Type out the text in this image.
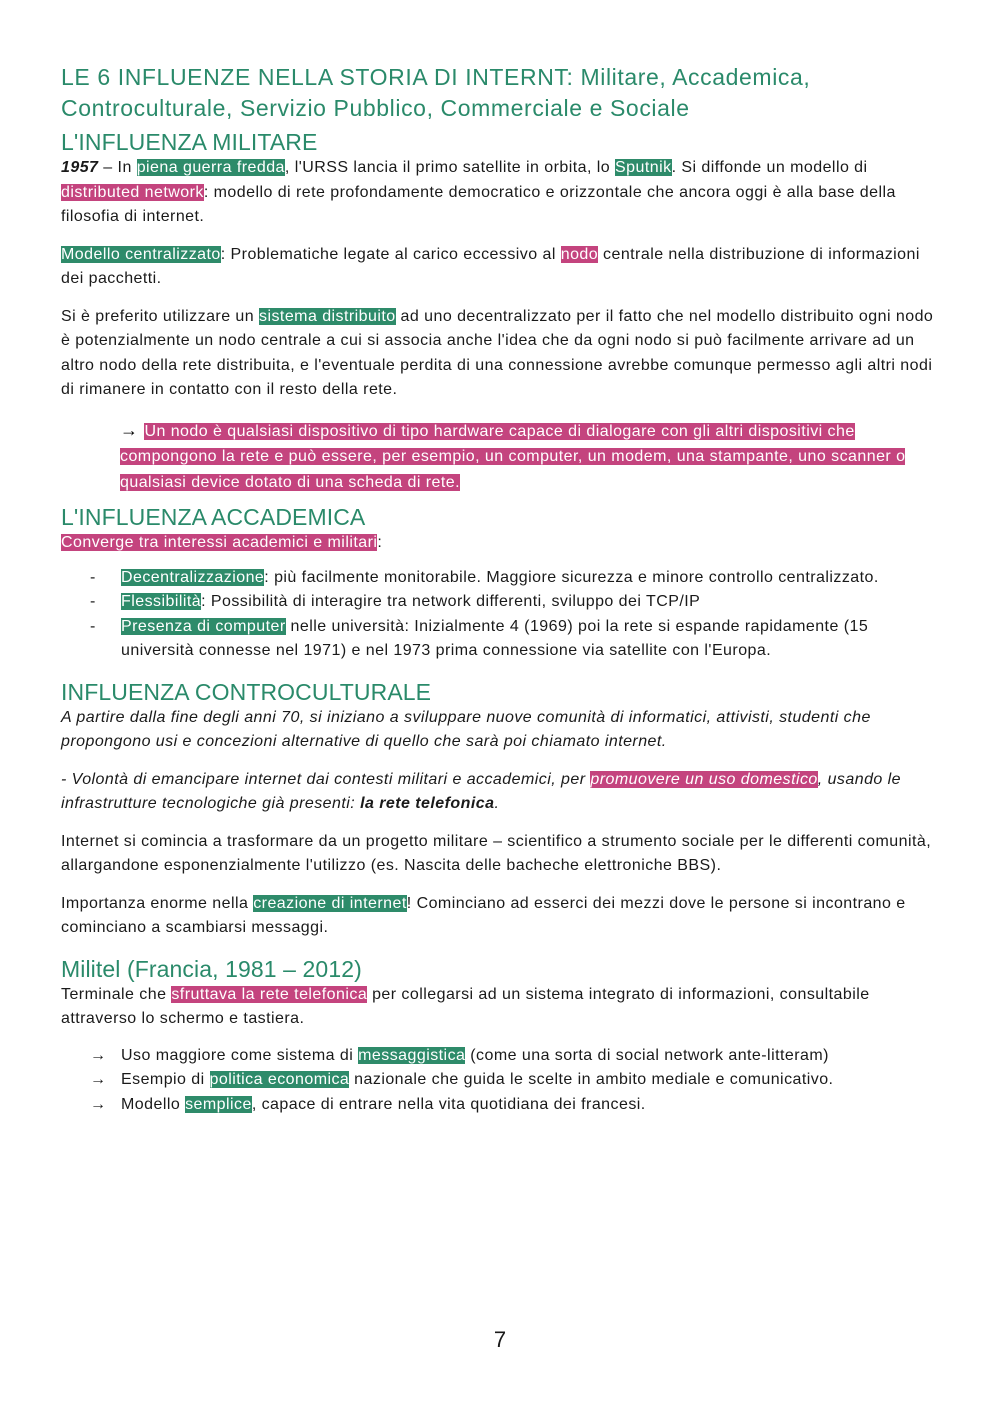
LE 6 INFLUENZE NELLA STORIA DI INTERNT: Militare, Accademica, Controculturale, Servizio Pubblico, Commerciale e Sociale
L'INFLUENZA MILITARE

1957 – In piena guerra fredda, l'URSS lancia il primo satellite in orbita, lo Sputnik. Si diffonde un modello di distributed network: modello di rete profondamente democratico e orizzontale che ancora oggi è alla base della filosofia di internet.

Modello centralizzato: Problematiche legate al carico eccessivo al nodo centrale nella distribuzione di informazioni dei pacchetti.

Si è preferito utilizzare un sistema distribuito ad uno decentralizzato per il fatto che nel modello distribuito ogni nodo è potenzialmente un nodo centrale a cui si associa anche l'idea che da ogni nodo si può facilmente arrivare ad un altro nodo della rete distribuita, e l'eventuale perdita di una connessione avrebbe comunque permesso agli altri nodi di rimanere in contatto con il resto della rete.

→ Un nodo è qualsiasi dispositivo di tipo hardware capace di dialogare con gli altri dispositivi che compongono la rete e può essere, per esempio, un computer, un modem, una stampante, uno scanner o qualsiasi device dotato di una scheda di rete.
L'INFLUENZA ACCADEMICA

Converge tra interessi academici e militari:

- Decentralizzazione: più facilmente monitorabile. Maggiore sicurezza e minore controllo centralizzato.
- Flessibilità: Possibilità di interagire tra network differenti, sviluppo dei TCP/IP
- Presenza di computer nelle università: Inizialmente 4 (1969) poi la rete si espande rapidamente (15 università connesse nel 1971) e nel 1973 prima connessione via satellite con l'Europa.
INFLUENZA CONTROCULTURALE

A partire dalla fine degli anni 70, si iniziano a sviluppare nuove comunità di informatici, attivisti, studenti che propongono usi e concezioni alternative di quello che sarà poi chiamato internet.

- Volontà di emancipare internet dai contesti militari e accademici, per promuovere un uso domestico, usando le infrastrutture tecnologiche già presenti: la rete telefonica.

Internet si comincia a trasformare da un progetto militare – scientifico a strumento sociale per le differenti comunità, allargandone esponenzialmente l'utilizzo (es. Nascita delle bacheche elettroniche BBS).

Importanza enorme nella creazione di internet! Cominciano ad esserci dei mezzi dove le persone si incontrano e cominciano a scambiarsi messaggi.

Militel (Francia, 1981 – 2012)

Terminale che sfruttava la rete telefonica per collegarsi ad un sistema integrato di informazioni, consultabile attraverso lo schermo e tastiera.

→ Uso maggiore come sistema di messaggistica (come una sorta di social network ante-litteram)
→ Esempio di politica economica nazionale che guida le scelte in ambito mediale e comunicativo.
→ Modello semplice, capace di entrare nella vita quotidiana dei francesi.
7
